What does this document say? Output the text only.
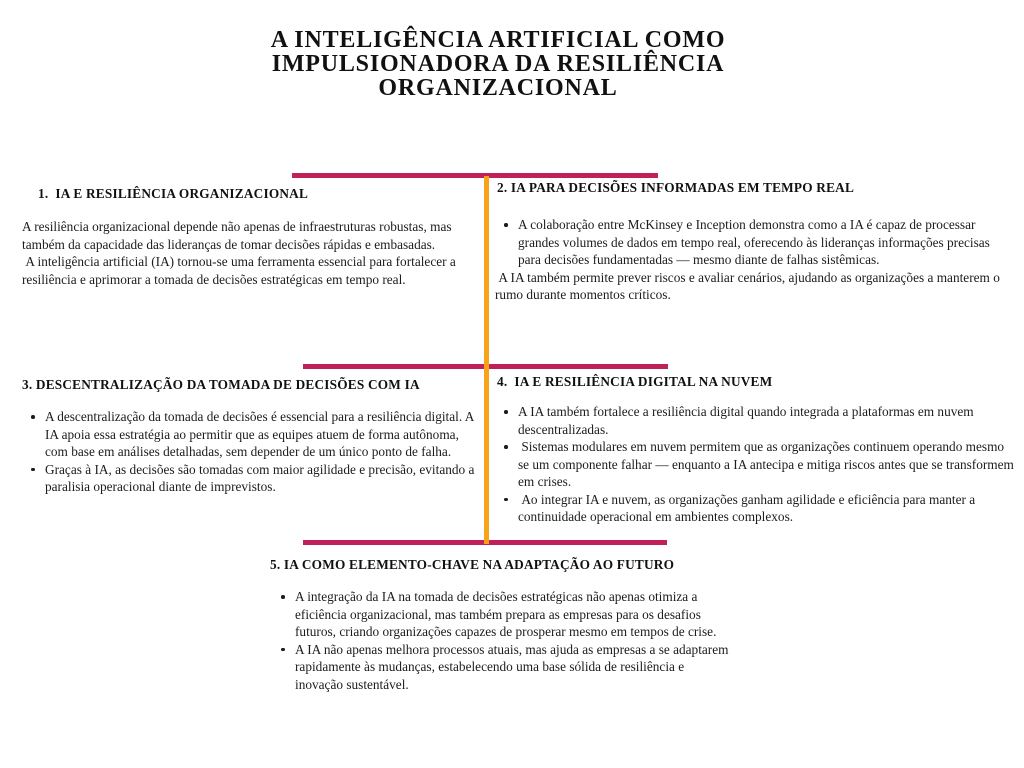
A INTELIGÊNCIA ARTIFICIAL COMO IMPULSIONADORA DA RESILIÊNCIA ORGANIZACIONAL
1.  IA E RESILIÊNCIA ORGANIZACIONAL

A resiliência organizacional depende não apenas de infraestruturas robustas, mas também da capacidade das lideranças de tomar decisões rápidas e embasadas.

A inteligência artificial (IA) tornou-se uma ferramenta essencial para fortalecer a resiliência e aprimorar a tomada de decisões estratégicas em tempo real.

2. IA PARA DECISÕES INFORMADAS EM TEMPO REAL
A colaboração entre McKinsey e Inception demonstra como a IA é capaz de processar grandes volumes de dados em tempo real, oferecendo às lideranças informações precisas para decisões fundamentadas — mesmo diante de falhas sistêmicas.

A IA também permite prever riscos e avaliar cenários, ajudando as organizações a manterem o rumo durante momentos críticos.

3. DESCENTRALIZAÇÃO DA TOMADA DE DECISÕES COM IA
A descentralização da tomada de decisões é essencial para a resiliência digital. A IA apoia essa estratégia ao permitir que as equipes atuem de forma autônoma, com base em análises detalhadas, sem depender de um único ponto de falha.
Graças à IA, as decisões são tomadas com maior agilidade e precisão, evitando a paralisia operacional diante de imprevistos.
4.  IA E RESILIÊNCIA DIGITAL NA NUVEM
A IA também fortalece a resiliência digital quando integrada a plataformas em nuvem descentralizadas.
Sistemas modulares em nuvem permitem que as organizações continuem operando mesmo se um componente falhar — enquanto a IA antecipa e mitiga riscos antes que se transformem em crises.
Ao integrar IA e nuvem, as organizações ganham agilidade e eficiência para manter a continuidade operacional em ambientes complexos.
5. IA COMO ELEMENTO-CHAVE NA ADAPTAÇÃO AO FUTURO
A integração da IA na tomada de decisões estratégicas não apenas otimiza a eficiência organizacional, mas também prepara as empresas para os desafios futuros, criando organizações capazes de prosperar mesmo em tempos de crise.
A IA não apenas melhora processos atuais, mas ajuda as empresas a se adaptarem rapidamente às mudanças, estabelecendo uma base sólida de resiliência e inovação sustentável.
